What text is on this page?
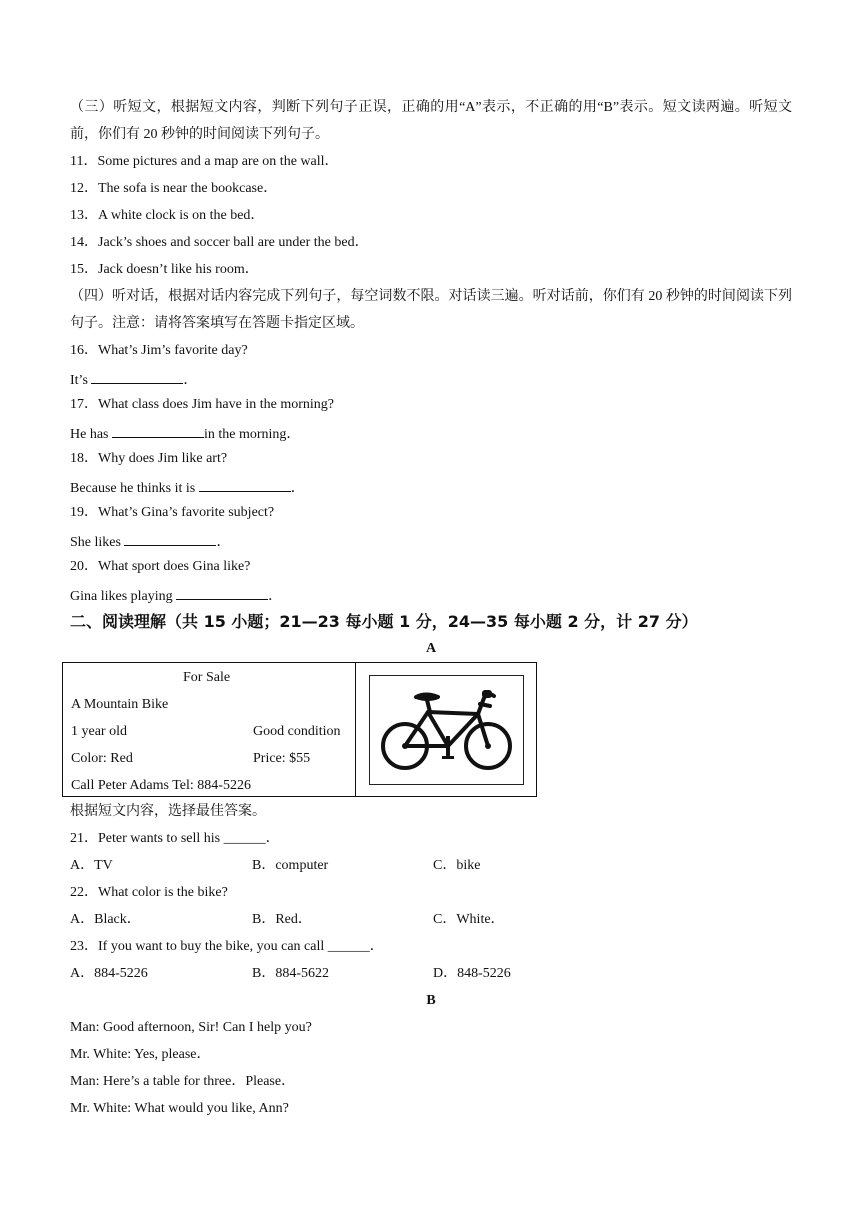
（三）听短文，根据短文内容，判断下列句子正误，正确的用“A”表示，不正确的用“B”表示。短文读两遍。听短文前，你们有 20 秒钟的时间阅读下列句子。
11．Some pictures and a map are on the wall．
12．The sofa is near the bookcase．
13．A white clock is on the bed．
14．Jack’s shoes and soccer ball are under the bed．
15．Jack doesn’t like his room．
（四）听对话，根据对话内容完成下列句子，每空词数不限。对话读三遍。听对话前，你们有 20 秒钟的时间阅读下列句子。注意：请将答案填写在答题卡指定区域。
16．What’s Jim’s favorite day?
It’s	．
17．What class does Jim have in the morning?
He has	in the morning．
18．Why does Jim like art?
Because he thinks it is	．
19．What’s Gina’s favorite subject?
She likes	．
20．What sport does Gina like?
Gina likes playing	．
二、阅读理解（共 15 小题；21—23 每小题 1 分，24—35 每小题 2 分，计 27 分）
A
For Sale
A Mountain Bike
1 year old	Good condition
Color: Red	Price: $55
Call Peter Adams Tel: 884-5226
根据短文内容，选择最佳答案。
21．Peter wants to sell his ______．
A．TV	B．computer	C．bike
22．What color is the bike?
A．Black．	B．Red．	C．White．
23．If you want to buy the bike, you can call ______．
A．884-5226	B．884-5622	D．848-5226
B
Man: Good afternoon, Sir! Can I help you?
Mr. White: Yes, please．
Man: Here’s a table for three．Please．
Mr. White: What would you like, Ann?
